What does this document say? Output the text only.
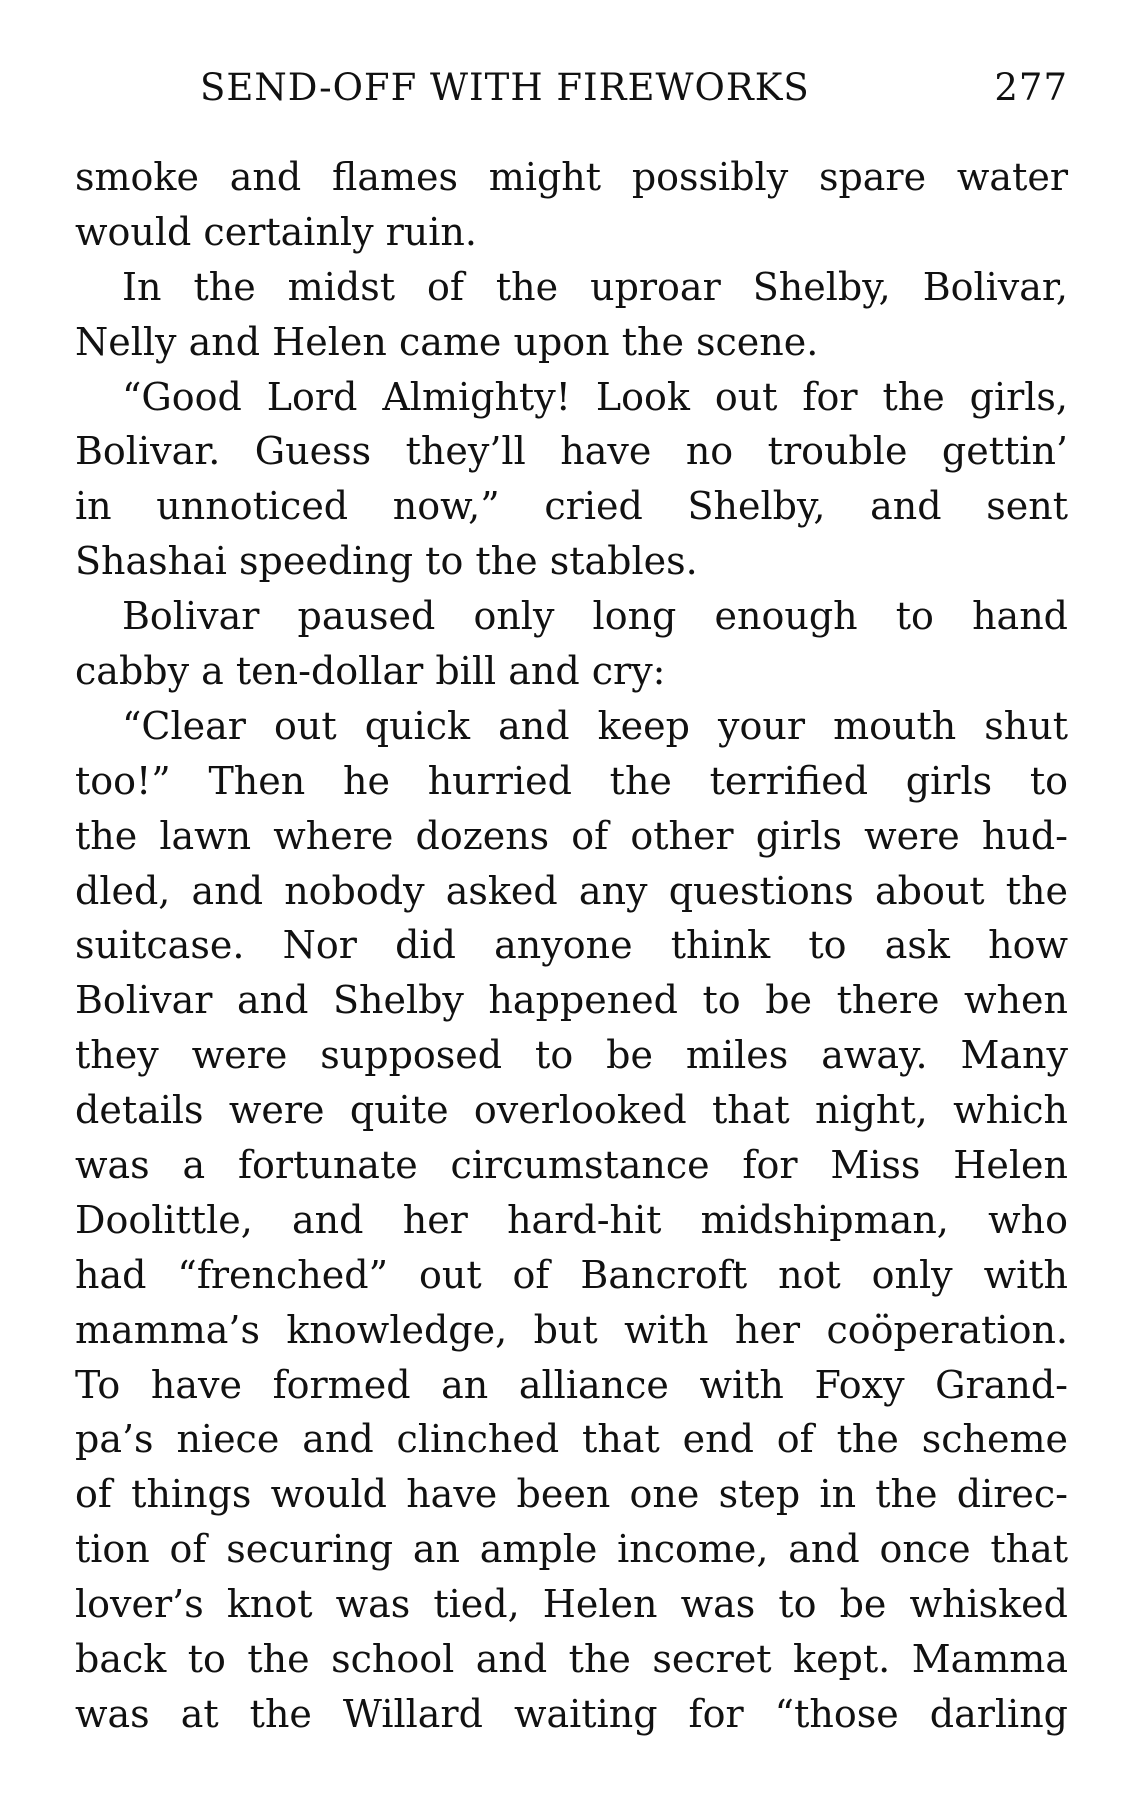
SEND-OFF WITH FIREWORKS	277
smoke and flames might possibly spare water
would certainly ruin.
In the midst of the uproar Shelby, Bolivar,
Nelly and Helen came upon the scene.
“Good Lord Almighty! Look out for the girls,
Bolivar. Guess they’ll have no trouble gettin’
in unnoticed now,” cried Shelby, and sent
Shashai speeding to the stables.
Bolivar paused only long enough to hand
cabby a ten-dollar bill and cry:
“Clear out quick and keep your mouth shut
too!” Then he hurried the terrified girls to
the lawn where dozens of other girls were hud-
dled, and nobody asked any questions about the
suitcase. Nor did anyone think to ask how
Bolivar and Shelby happened to be there when
they were supposed to be miles away. Many
details were quite overlooked that night, which
was a fortunate circumstance for Miss Helen
Doolittle, and her hard-hit midshipman, who
had “frenched” out of Bancroft not only with
mamma’s knowledge, but with her coöperation.
To have formed an alliance with Foxy Grand-
pa’s niece and clinched that end of the scheme
of things would have been one step in the direc-
tion of securing an ample income, and once that
lover’s knot was tied, Helen was to be whisked
back to the school and the secret kept. Mamma
was at the Willard waiting for “those darling
